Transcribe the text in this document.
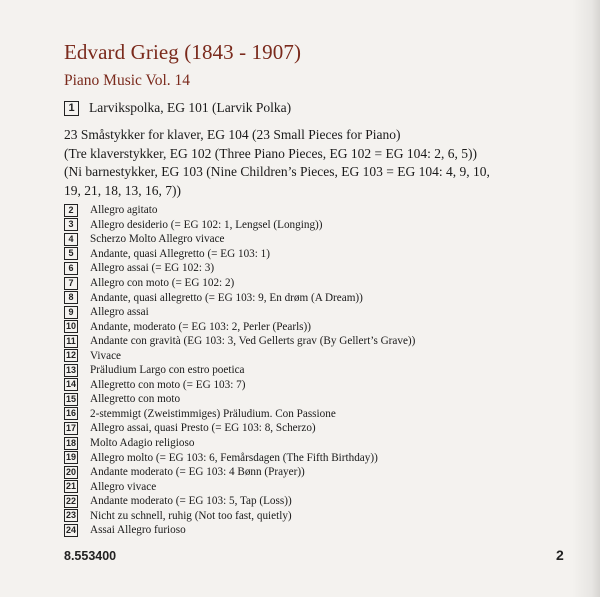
Edvard Grieg (1843 - 1907)
Piano Music Vol. 14
1	Larvikspolka, EG 101 (Larvik Polka)

23 Småstykker for klaver, EG 104 (23 Small Pieces for Piano)

(Tre klaverstykker, EG 102 (Three Piano Pieces, EG 102 = EG 104: 2, 6, 5))

(Ni barnestykker, EG 103 (Nine Children’s Pieces, EG 103 = EG 104: 4, 9, 10,

19, 21, 18, 13, 16, 7))

2	Allegro agitato
3	Allegro desiderio (= EG 102: 1, Lengsel (Longing))
4	Scherzo Molto Allegro vivace
5	Andante, quasi Allegretto (= EG 103: 1)
6	Allegro assai (= EG 102: 3)
7	Allegro con moto (= EG 102: 2)
8	Andante, quasi allegretto (= EG 103: 9, En drøm (A Dream))
9	Allegro assai
10 Andante, moderato (= EG 103: 2, Perler (Pearls))
11 Andante con gravità (EG 103: 3, Ved Gellerts grav (By Gellert’s Grave))
12 Vivace
13 Präludium Largo con estro poetica
14 Allegretto con moto (= EG 103: 7)
15 Allegretto con moto
16 2-stemmigt (Zweistimmiges) Präludium. Con Passione
17 Allegro assai, quasi Presto (= EG 103: 8, Scherzo)
18 Molto Adagio religioso
19 Allegro molto (= EG 103: 6, Femårsdagen (The Fifth Birthday))
20 Andante moderato (= EG 103: 4 Bønn (Prayer))
21 Allegro vivace
22 Andante moderato (= EG 103: 5, Tap (Loss))
23 Nicht zu schnell, ruhig (Not too fast, quietly)
24 Assai Allegro furioso
8.553400	2
